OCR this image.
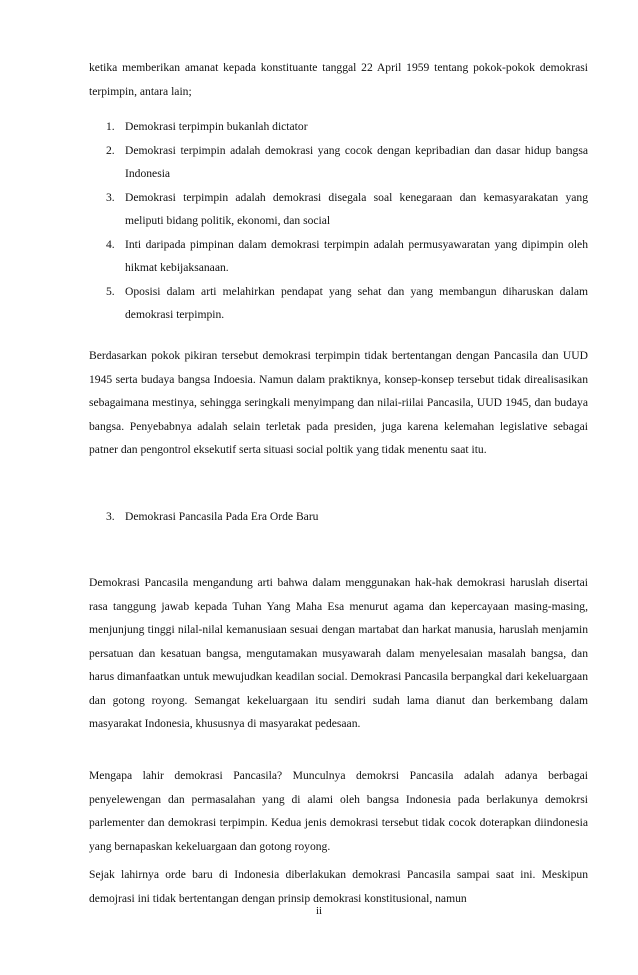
ketika memberikan amanat kepada konstituante tanggal 22 April 1959 tentang pokok-pokok demokrasi terpimpin, antara lain;

1. Demokrasi terpimpin bukanlah dictator
2. Demokrasi terpimpin adalah demokrasi yang cocok dengan kepribadian dan dasar hidup bangsa Indonesia
3. Demokrasi terpimpin adalah demokrasi disegala soal kenegaraan dan kemasyarakatan yang meliputi bidang politik, ekonomi, dan social
4. Inti daripada pimpinan dalam demokrasi terpimpin adalah permusyawaratan yang dipimpin oleh hikmat kebijaksanaan.
5. Oposisi dalam arti melahirkan pendapat yang sehat dan yang membangun diharuskan dalam demokrasi terpimpin.

Berdasarkan pokok pikiran tersebut demokrasi terpimpin tidak bertentangan dengan Pancasila dan UUD 1945 serta budaya bangsa Indoesia. Namun dalam praktiknya, konsep-konsep tersebut tidak direalisasikan sebagaimana mestinya, sehingga seringkali menyimpang dan nilai-riilai Pancasila, UUD 1945, dan budaya bangsa. Penyebabnya adalah selain terletak pada presiden, juga karena kelemahan legislative sebagai patner dan pengontrol eksekutif serta situasi social poltik yang tidak menentu saat itu.

3. Demokrasi Pancasila Pada Era Orde Baru

Demokrasi Pancasila mengandung arti bahwa dalam menggunakan hak-hak demokrasi haruslah disertai rasa tanggung jawab kepada Tuhan Yang Maha Esa menurut agama dan kepercayaan masing-masing, menjunjung tinggi nilal-nilal kemanusiaan sesuai dengan martabat dan harkat manusia, haruslah menjamin persatuan dan kesatuan bangsa, mengutamakan musyawarah dalam menyelesaian masalah bangsa, dan harus dimanfaatkan untuk mewujudkan keadilan social. Demokrasi Pancasila berpangkal dari kekeluargaan dan gotong royong. Semangat kekeluargaan itu sendiri sudah lama dianut dan berkembang dalam masyarakat Indonesia, khususnya di masyarakat pedesaan.

Mengapa lahir demokrasi Pancasila? Munculnya demokrsi Pancasila adalah adanya berbagai penyelewengan dan permasalahan yang di alami oleh bangsa Indonesia pada berlakunya demokrsi parlementer dan demokrasi terpimpin. Kedua jenis demokrasi tersebut tidak cocok doterapkan diindonesia yang bernapaskan kekeluargaan dan gotong royong.

Sejak lahirnya orde baru di Indonesia diberlakukan demokrasi Pancasila sampai saat ini. Meskipun demojrasi ini tidak bertentangan dengan prinsip demokrasi konstitusional, namun

ii
